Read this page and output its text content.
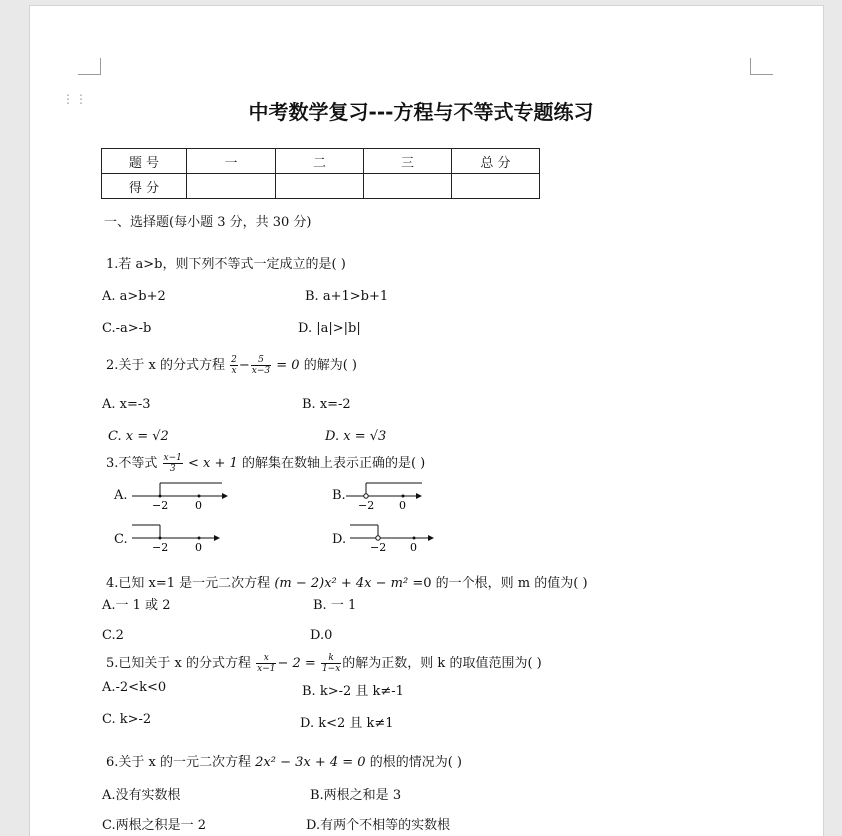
⋮⋮
中考数学复习---方程与不等式专题练习
题 号	一	二	三	总 分
得 分				
一、选择题(每小题 3 分，共 30 分)
1.若 a>b，则下列不等式一定成立的是( )
A. a>b+2	B. a+1>b+1
C.-a>-b	D. |a|>|b|
2.关于 x 的分式方程 $\frac{2}{x} - \frac{5}{x-3} = 0$ 的解为( )
A. x=-3	B. x=-2
C. x = √2	D. x = √3
3.不等式 $\frac{x-1}{3} < x + 1$ 的解集在数轴上表示正确的是( )
A.
−2 0
B.
−2 0
C.
−2 0
D.
−2 0
4.已知 x=1 是一元二次方程 (m − 2)x² + 4x − m² =0 的一个根，则 m 的值为( )
A.一 1 或 2	B. 一 1
C.2	D.0
5.已知关于 x 的分式方程 $\frac{x}{x-1} - 2 = \frac{k}{1-x}$ 的解为正数，则 k 的取值范围为( )
A.-2<k<0	B. k>-2 且 k≠-1
C. k>-2	D. k<2 且 k≠1
6.关于 x 的一元二次方程 2x² − 3x + 4 = 0 的根的情况为( )
A.没有实数根	B.两根之和是 3
C.两根之积是一 2	D.有两个不相等的实数根
